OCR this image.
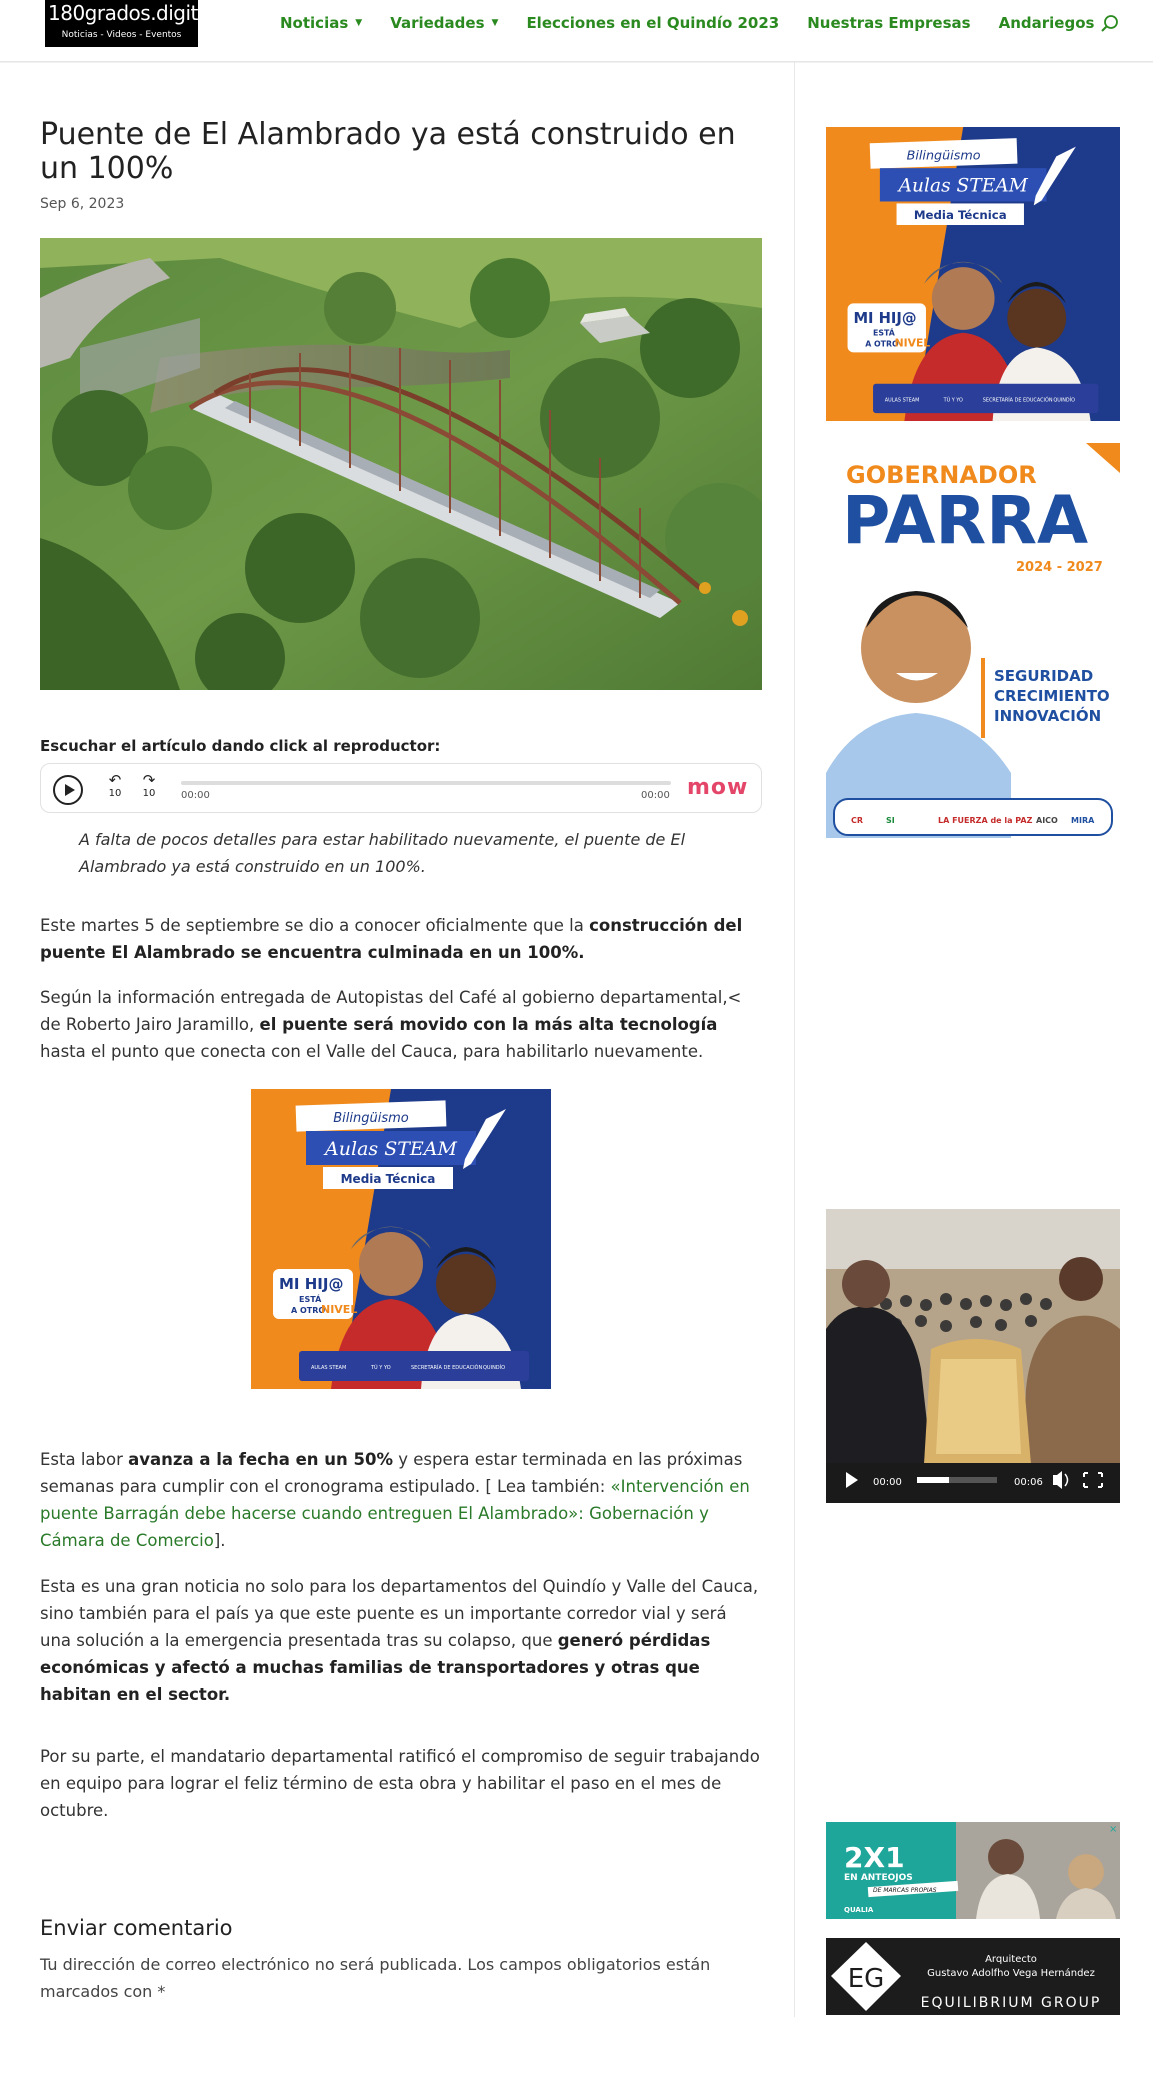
180grados.digital
Noticias - Videos - Eventos
Noticias ▼ Variedades ▼ Elecciones en el Quindío 2023 Nuestras Empresas Andariegos
Puente de El Alambrado ya está construido en un 100%
Sep 6, 2023
Escuchar el artículo dando click al reproductor:
↶
10
↷
10	00:00	00:00 mow
A falta de pocos detalles para estar habilitado nuevamente, el puente de El Alambrado ya está construido en un 100%.
Este martes 5 de septiembre se dio a conocer oficialmente que la construcción del puente El Alambrado se encuentra culminada en un 100%.
Según la información entregada de Autopistas del Café al gobierno departamental,< de Roberto Jairo Jaramillo, el puente será movido con la más alta tecnología hasta el punto que conecta con el Valle del Cauca, para habilitarlo nuevamente.
Bilingüismo
Aulas STEAM
Media Técnica
MI HIJ@
ESTÁ
A OTRO
NIVEL
AULAS STEAM	TÚ Y YO	SECRETARÍA DE EDUCACIÓN QUINDÍO
Esta labor avanza a la fecha en un 50% y espera estar terminada en las próximas semanas para cumplir con el cronograma estipulado. [ Lea también: «Intervención en puente Barragán debe hacerse cuando entreguen El Alambrado»: Gobernación y Cámara de Comercio].
Esta es una gran noticia no solo para los departamentos del Quindío y Valle del Cauca, sino también para el país ya que este puente es un importante corredor vial y será una solución a la emergencia presentada tras su colapso, que generó pérdidas económicas y afectó a muchas familias de transportadores y otras que habitan en el sector.
Por su parte, el mandatario departamental ratificó el compromiso de seguir trabajando en equipo para lograr el feliz término de esta obra y habilitar el paso en el mes de octubre.
Enviar comentario
Tu dirección de correo electrónico no será publicada. Los campos obligatorios están marcados con *
Bilingüismo
Aulas STEAM
Media Técnica
MI HIJ@
ESTÁ
A OTRO
NIVEL
AULAS STEAM	TÚ Y YO	SECRETARÍA DE EDUCACIÓN QUINDÍO
GOBERNADOR
PARRA
2024 - 2027
SEGURIDAD
CRECIMIENTO
INNOVACIÓN
CR	SI	LA FUERZA de la PAZ AICO MIRA
00:00	00:06
2X1
EN ANTEOJOS
DE MARCAS PROPIAS
QUALIA
×
EG
Arquitecto
Gustavo Adolfho Vega Hernández
EQUILIBRIUM GROUP
